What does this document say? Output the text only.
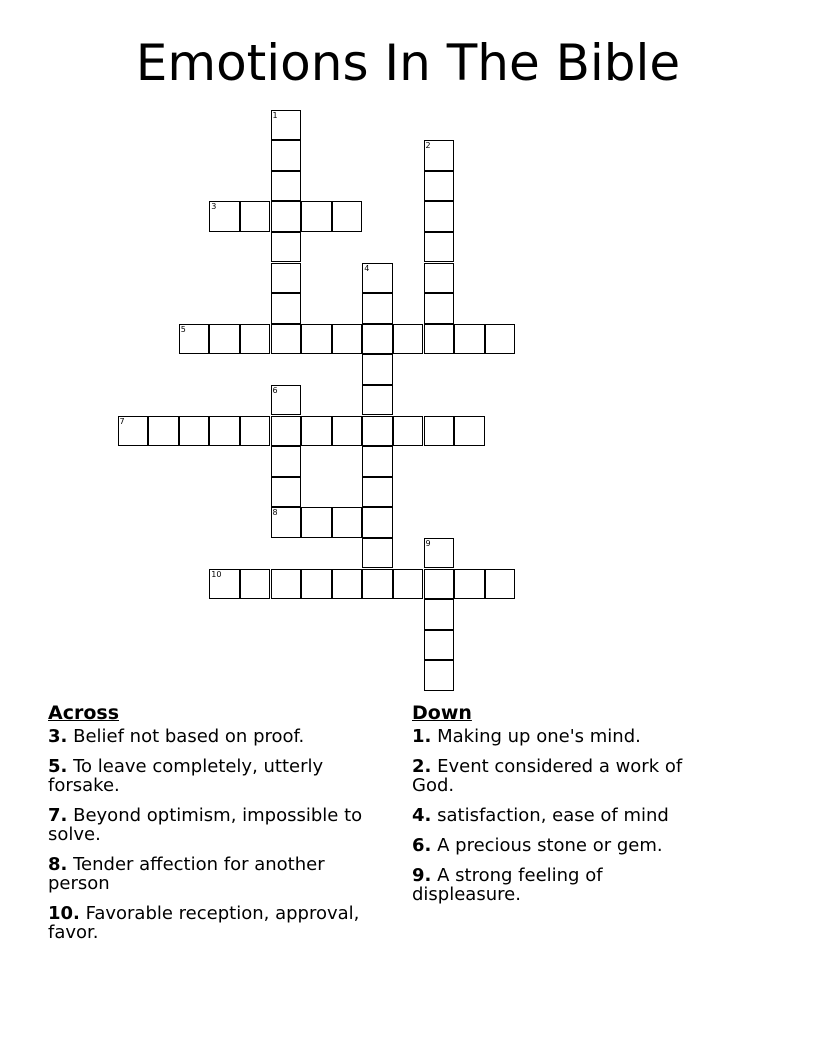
Emotions In The Bible
1
2
3
4
5
6
8
7
9
10
Across
3. Belief not based on proof.
5. To leave completely, utterly forsake.
7. Beyond optimism, impossible to solve.
8. Tender affection for another person
10. Favorable reception, approval, favor.
Down
1. Making up one's mind.
2. Event considered a work of God.
4. satisfaction, ease of mind
6. A precious stone or gem.
9. A strong feeling of displeasure.
